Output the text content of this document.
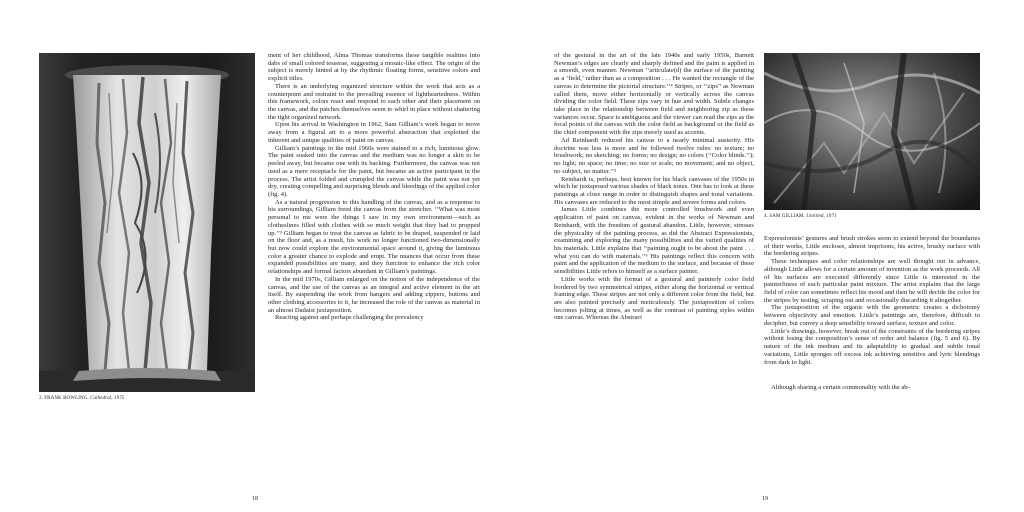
3. FRANK BOWLING. Cathedral, 1975

ment of her childhood, Alma Thomas transforms these tangible realities into dabs of small colored tesserae, suggesting a mosaic-like effect. The origin of the subject is merely hinted at by the rhythmic floating forms, sensitive colors and explicit titles.

There is an underlying organized structure within the work that acts as a counterpoint and restraint to the prevailing essence of lightheartedness. Within this framework, colors react and respond to each other and their placement on the canvas, and the patches themselves seem to whirl in place without shattering the tight organized network.

Upon his arrival in Washington in 1962, Sam Gilliam’s work began to move away from a figural art to a more powerful abstraction that exploited the inherent and unique qualities of paint on canvas.

Gilliam’s paintings in the mid 1960s were stained to a rich, luminous glow. The paint soaked into the canvas and the medium was no longer a skin to be peeled away, but became one with its backing. Furthermore, the canvas was not used as a mere receptacle for the paint, but became an active participant in the process. The artist folded and crumpled the canvas while the paint was not yet dry, creating compelling and surprising blends and bleedings of the applied color (fig. 4).

As a natural progression to this handling of the canvas, and as a response to his surroundings, Gilliam freed the canvas from the stretcher. ‘‘What was most personal to me were the things I saw in my own environment—such as clotheslines filled with clothes with so much weight that they had to propped up.’’³ Gilliam began to treat the canvas as fabric to be draped, suspended or laid on the floor and, as a result, his work no longer functioned two-dimensionally but now could explore the environmental space around it, giving the luminous color a greater chance to explode and erupt. The nuances that occur from these expanded possibilities are many, and they function to enhance the rich color relationships and formal factors abundant in Gilliam’s paintings.

In the mid 1970s, Gilliam enlarged on the notion of the independence of the canvas, and the use of the canvas as an integral and active element in the art itself. By suspending the work from hangers and adding zippers, buttons and other clothing accessories to it, he increased the role of the canvas as material in an almost Dadaist juxtaposition.

Reacting against and perhaps challenging the prevalency

18

of the gestural in the art of the late 1940s and early 1950s, Barnett Newman’s edges are clearly and sharply defined and the paint is applied in a smooth, even manner. Newman ‘‘articulate(d) the surface of the painting as a ‘field,’ rather than as a composition . . . He wanted the rectangle of the canvas to determine the pictorial structure.’’⁴ Stripes, or ‘‘zips’’ as Newman called them, move either horizontally or vertically across the canvas dividing the color field. These zips vary in hue and width. Subtle changes take place in the relationship between field and neighboring zip as these variances occur. Space is ambiguous and the viewer can read the zips as the focal points of the canvas with the color field as background or the field as the chief component with the zips merely used as accents.

Ad Reinhardt reduced his canvas to a nearly minimal austerity. His doctrine was less is more and he followed twelve rules: no texture; no brushwork; no sketching; no forms; no design; no colors (‘‘Color blinds.’’); no light; no space; no time; no size or scale; no movement; and no object, no subject, no matter.’’⁵

Reinhardt is, perhaps, best known for his black canvases of the 1950s in which he juxtaposed various shades of black tones. One has to look at these paintings at close range in order to distinguish shapes and tonal variations. His canvases are reduced to the most simple and severe forms and colors.

James Little combines the more controlled brushwork and even application of paint on canvas, evident in the works of Newman and Reinhardt, with the freedom of gestural abandon. Little, however, stresses the physicality of the painting process, as did the Abstract Expressionists, examining and exploring the many possibilities and the varied qualities of his materials. Little explains that ‘‘painting ought to be about the paint . . . what you can do with materials.’’⁶ His paintings reflect this concern with paint and the application of the medium to the surface, and because of these sensibilities Little refers to himself as a surface painter.

Little works with the format of a gestural and painterly color field bordered by two symmetrical stripes, either along the horizontal or vertical framing edge. These stripes are not only a different color from the field, but are also painted precisely and meticulously. The juxtaposition of colors becomes jolting at times, as well as the contrast of painting styles within one canvas. Whereas the Abstract

4. SAM GILLIAM. Untitled, 1971

Expressionists’ gestures and brush strokes seem to extend beyond the boundaries of their works, Little encloses, almost imprisons, his active, brushy surface with the bordering stripes.

These techniques and color relationships are well thought out in advance, although Little allows for a certain amount of invention as the work proceeds. All of his surfaces are executed differently since Little is interested in the painterliness of each particular paint mixture. The artist explains that the large field of color can sometimes reflect his mood and then he will decide the color for the stripes by testing, scraping out and occasionally discarding it altogether.

The juxtaposition of the organic with the geometric creates a dichotomy between objectivity and emotion. Little’s paintings are, therefore, difficult to decipher, but convey a deep sensibility toward surface, texture and color.

Little’s drawings, however, break out of the constraints of the bordering stripes without losing the composition’s sense of order and balance (fig. 5 and 6). By nature of the ink medium and its adaptability to gradual and subtle tonal variations, Little sponges off excess ink achieving sensitive and lyric blendings from dark to light.

Although sharing a certain commonality with the ab-

19
